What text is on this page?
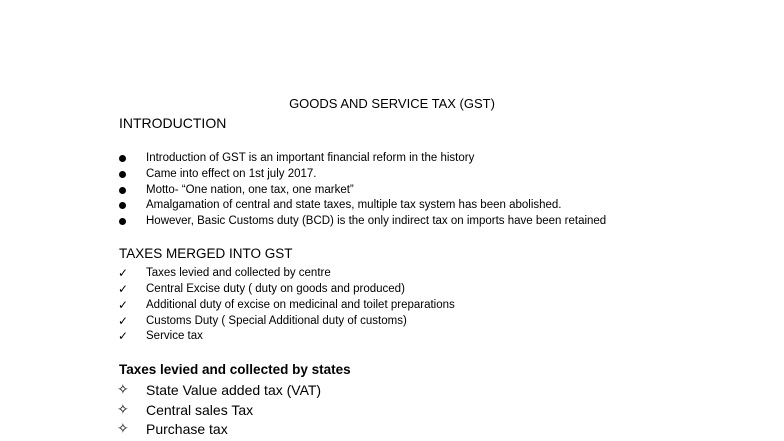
GOODS AND SERVICE TAX (GST)
INTRODUCTION
Introduction of GST is an important financial reform in the history
Came into effect on 1st july 2017.
Motto- “One nation, one tax, one market”
Amalgamation of central and state taxes, multiple tax system has been abolished.
However, Basic Customs duty (BCD) is the only indirect tax on imports have been retained
TAXES MERGED INTO GST
✓ Taxes levied and collected by centre
✓ Central Excise duty ( duty on goods and produced)
✓ Additional duty of excise on medicinal and toilet preparations
✓ Customs Duty ( Special Additional duty of customs)
✓ Service tax
Taxes levied and collected by states
✧ State Value added tax (VAT)
✧ Central sales Tax
✧ Purchase tax
